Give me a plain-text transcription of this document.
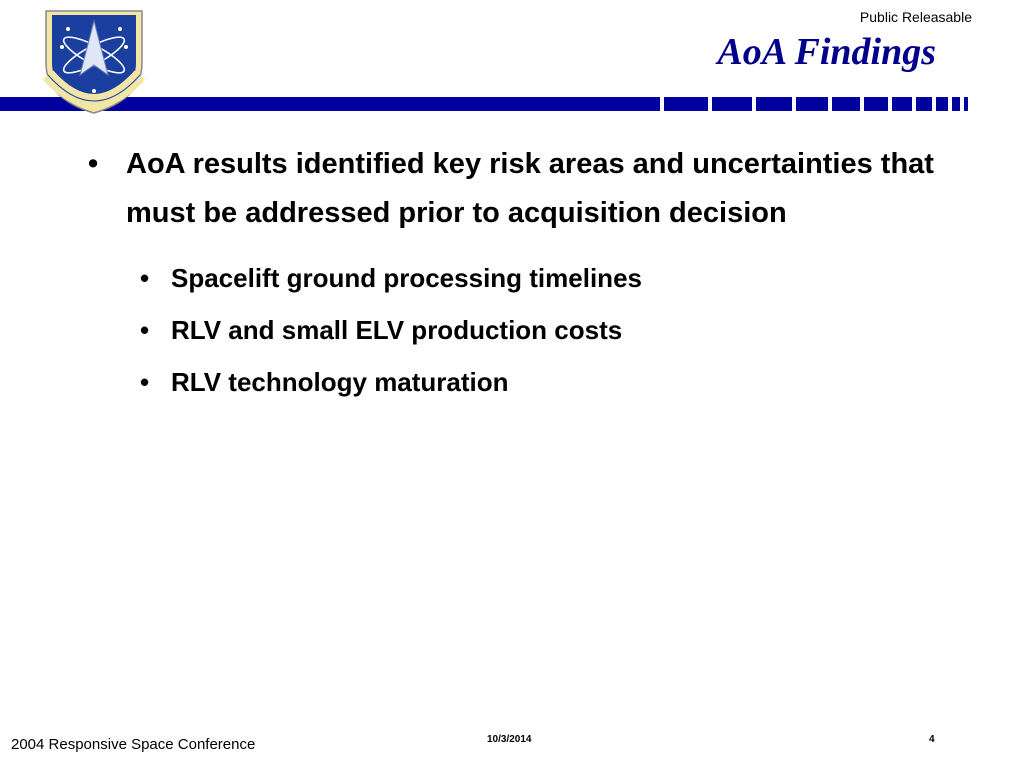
Public Releasable
AoA Findings
• AoA results identified key risk areas and uncertainties that must be addressed prior to acquisition decision
• Spacelift ground processing timelines
• RLV and small ELV production costs
• RLV technology maturation
2004 Responsive Space Conference	10/3/2014	4
